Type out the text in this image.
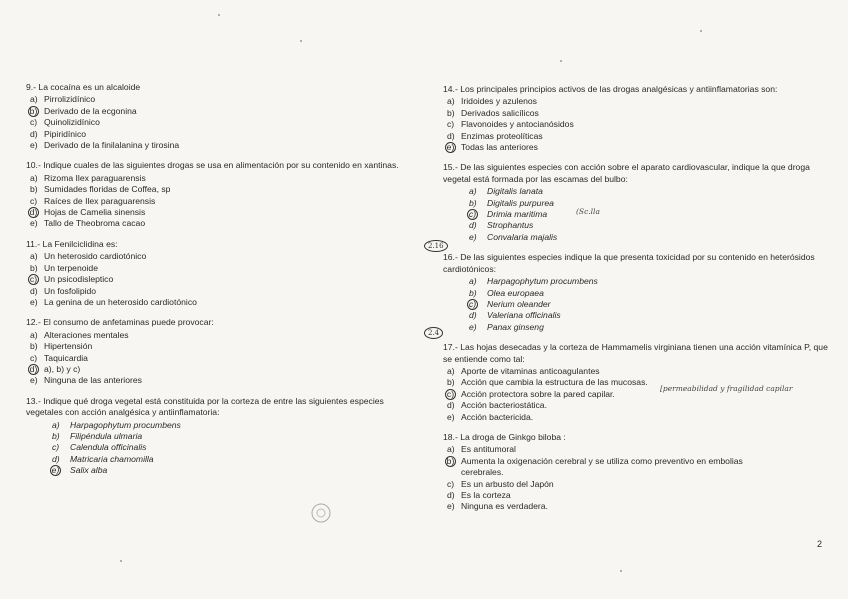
9.- La cocaína es un alcaloide
a) Pirrolizidínico
b) Derivado de la ecgonina
c) Quinolizidínico
d) Pipiridínico
e) Derivado de la finilalanina y tirosina
10.- Indique cuales de las siguientes drogas se usa en alimentación por su contenido en xantinas.
a) Rizoma Ilex paraguarensis
b) Sumidades floridas de Coffea, sp
c) Raíces de Ilex paraguarensis
d) Hojas de Camelia sinensis
e) Tallo de Theobroma cacao
11.- La Fenilciclidina es:
a) Un heterosido cardiotónico
b) Un terpenoide
c) Un psicodisleptico
d) Un fosfolipido
e) La genina de un heterosido cardiotónico
12.- El consumo de anfetaminas puede provocar:
a) Alteraciones mentales
b) Hipertensión
c) Taquicardia
d) a), b) y c)
e) Ninguna de las anteriores
13.- Indique qué droga vegetal está constituida por la corteza de entre las siguientes especies vegetales con acción analgésica y antiinflamatoria:
a)	Harpagophytum procumbens
b)	Filipéndula ulmaria
c)	Calendula officinalis
d)	Matricaria chamomilla
e)	Salix alba
14.- Los principales principios activos de las drogas analgésicas y antiinflamatorias son:
a) Iridoides y azulenos
b) Derivados salicílicos
c) Flavonoides y antocianósidos
d) Enzimas proteolíticas
e) Todas las anteriores
15.- De las siguientes especies con acción sobre el aparato cardiovascular, indique la que droga vegetal está formada por las escamas del bulbo:
a)	Digitalis lanata
b)	Digitalis purpurea
c)	Drimia maritima
d)	Strophantus
e)	Convalaria majalis
16.- De las siguientes especies indique la que presenta toxicidad por su contenido en heterósidos cardiotónicos:
a)	Harpagophytum procumbens
b)	Olea europaea
c)	Nerium oleander
d)	Valeriana officinalis
e)	Panax ginseng
17.- Las hojas desecadas y la corteza de Hammamelis virginiana tienen una acción vitamínica P, que se entiende como tal:
a) Aporte de vitaminas anticoagulantes
b) Acción que cambia la estructura de las mucosas.
c) Acción protectora sobre la pared capilar.
d) Acción bacteriostática.
e) Acción bactericida.
18.- La droga de Ginkgo biloba :
a) Es antitumoral
b) Aumenta la oxigenación cerebral y se utiliza como preventivo en embolias
cerebrales.
c) Es un arbusto del Japón
d) Es la corteza
e) Ninguna es verdadera.
2.16
2.4
(Sc.lla
[permeabilidad y fragilidad capilar
2
